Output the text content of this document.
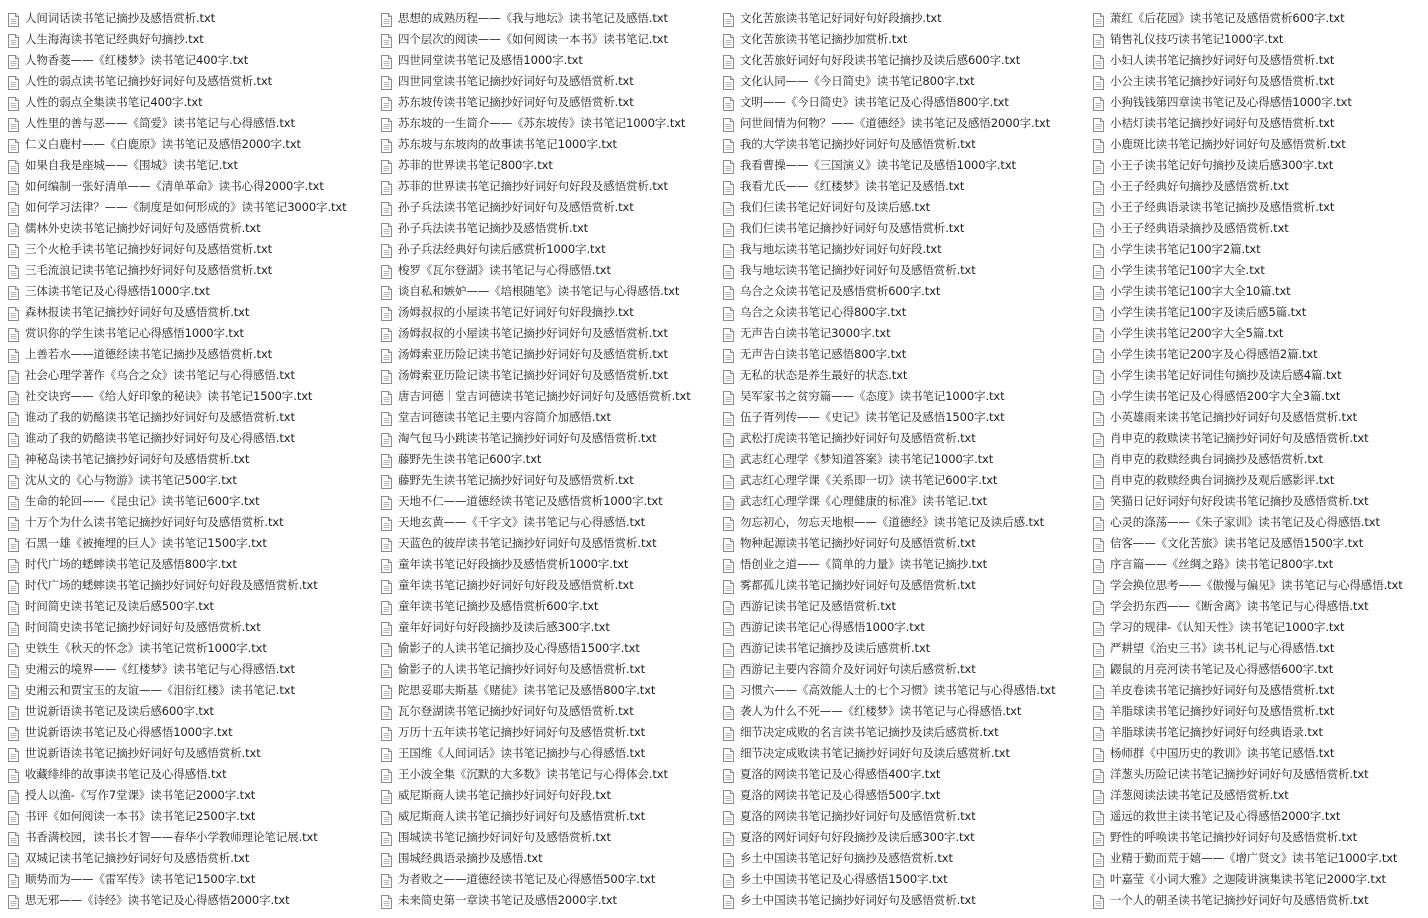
人间词话读书笔记摘抄及感悟赏析.txt
人生海海读书笔记经典好句摘抄.txt
人物香菱——《红楼梦》读书笔记400字.txt
人性的弱点读书笔记摘抄好词好句及感悟赏析.txt
人性的弱点全集读书笔记400字.txt
人性里的善与恶——《简爱》读书笔记与心得感悟.txt
仁义白鹿村——《白鹿原》读书笔记及感悟2000字.txt
如果自我是座城——《围城》读书笔记.txt
如何编制一张好清单——《清单革命》读书心得2000字.txt
如何学习法律？——《制度是如何形成的》读书笔记3000字.txt
儒林外史读书笔记摘抄好词好句及感悟赏析.txt
三个火枪手读书笔记摘抄好词好句及感悟赏析.txt
三毛流浪记读书笔记摘抄好词好句及感悟赏析.txt
三体读书笔记及心得感悟1000字.txt
森林报读书笔记摘抄好词好句及感悟赏析.txt
赏识你的学生读书笔记心得感悟1000字.txt
上善若水——道德经读书笔记摘抄及感悟赏析.txt
社会心理学著作《乌合之众》读书笔记与心得感悟.txt
社交诀窍——《给人好印象的秘诀》读书笔记1500字.txt
谁动了我的奶酪读书笔记摘抄好词好句及感悟赏析.txt
谁动了我的奶酪读书笔记摘抄好词好句及心得感悟.txt
神秘岛读书笔记摘抄好词好句及感悟赏析.txt
沈从文的《心与物游》读书笔记500字.txt
生命的轮回——《昆虫记》读书笔记600字.txt
十万个为什么读书笔记摘抄好词好句及感悟赏析.txt
石黑一雄《被掩埋的巨人》读书笔记1500字.txt
时代广场的蟋蟀读书笔记及感悟800字.txt
时代广场的蟋蟀读书笔记摘抄好词好句好段及感悟赏析.txt
时间简史读书笔记及读后感500字.txt
时间简史读书笔记摘抄好词好句及感悟赏析.txt
史铁生《秋天的怀念》读书笔记赏析1000字.txt
史湘云的境界——《红楼梦》读书笔记与心得感悟.txt
史湘云和贾宝玉的友谊——《泪衍红楼》读书笔记.txt
世说新语读书笔记及读后感600字.txt
世说新语读书笔记及心得感悟1000字.txt
世说新语读书笔记摘抄好词好句及感悟赏析.txt
收藏绯绯的故事读书笔记及心得感悟.txt
授人以渔-《写作7堂课》读书笔记2000字.txt
书评《如何阅读一本书》读书笔记2500字.txt
书香满校园，读书长才智——春华小学教师理论笔记展.txt
双城记读书笔记摘抄好词好句及感悟赏析.txt
顺势而为——《雷军传》读书笔记1500字.txt
思无邪——《诗经》读书笔记及心得感悟2000字.txt
思想的成熟历程——《我与地坛》读书笔记及感悟.txt
四个层次的阅读——《如何阅读一本书》读书笔记.txt
四世同堂读书笔记及感悟1000字.txt
四世同堂读书笔记摘抄好词好句及感悟赏析.txt
苏东坡传读书笔记摘抄好词好句及感悟赏析.txt
苏东坡的一生简介——《苏东坡传》读书笔记1000字.txt
苏东坡与东坡肉的故事读书笔记1000字.txt
苏菲的世界读书笔记800字.txt
苏菲的世界读书笔记摘抄好词好句好段及感悟赏析.txt
孙子兵法读书笔记摘抄好词好句及感悟赏析.txt
孙子兵法读书笔记摘抄及感悟赏析.txt
孙子兵法经典好句读后感赏析1000字.txt
梭罗《瓦尔登湖》读书笔记与心得感悟.txt
谈自私和嫉妒——《培根随笔》读书笔记与心得感悟.txt
汤姆叔叔的小屋读书笔记好词好句好段摘抄.txt
汤姆叔叔的小屋读书笔记摘抄好词好句及感悟赏析.txt
汤姆索亚历险记读书笔记摘抄好词好句及感悟赏析.txt
汤姆索亚历险记读书笔记摘抄好词好句及感悟赏析.txt
唐吉诃德｜堂吉诃德读书笔记摘抄好词好句及感悟赏析.txt
堂吉诃德读书笔记主要内容简介加感悟.txt
淘气包马小跳读书笔记摘抄好词好句及感悟赏析.txt
藤野先生读书笔记600字.txt
藤野先生读书笔记摘抄好词好句及感悟赏析.txt
天地不仁——道德经读书笔记及感悟赏析1000字.txt
天地玄黄——《千字文》读书笔记与心得感悟.txt
天蓝色的彼岸读书笔记摘抄好词好句及感悟赏析.txt
童年读书笔记好段摘抄及感悟赏析1000字.txt
童年读书笔记摘抄好词好句好段及感悟赏析.txt
童年读书笔记摘抄及感悟赏析600字.txt
童年好词好句好段摘抄及读后感300字.txt
偷影子的人读书笔记摘抄及心得感悟1500字.txt
偷影子的人读书笔记摘抄好词好句及感悟赏析.txt
陀思妥耶夫斯基《赌徒》读书笔记及感悟800字.txt
瓦尔登湖读书笔记摘抄好词好句及感悟赏析.txt
万历十五年读书笔记摘抄好词好句及感悟赏析.txt
王国维《人间词话》读书笔记摘抄与心得感悟.txt
王小波全集《沉默的大多数》读书笔记与心得体会.txt
威尼斯商人读书笔记摘抄好词好句好段.txt
威尼斯商人读书笔记摘抄好词好句及感悟赏析.txt
围城读书笔记摘抄好词好句及感悟赏析.txt
围城经典语录摘抄及感悟.txt
为者败之——道德经读书笔记及心得感悟500字.txt
未来简史第一章读书笔记及感悟2000字.txt
文化苦旅读书笔记好词好句好段摘抄.txt
文化苦旅读书笔记摘抄加赏析.txt
文化苦旅好词好句好段读书笔记摘抄及读后感600字.txt
文化认同——《今日简史》读书笔记800字.txt
文明——《今日简史》读书笔记及心得感悟800字.txt
问世间情为何物？——《道德经》读书笔记及感悟2000字.txt
我的大学读书笔记摘抄好词好句及感悟赏析.txt
我看曹操——《三国演义》读书笔记及感悟1000字.txt
我看尤氏——《红楼梦》读书笔记及感悟.txt
我们仨读书笔记好词好句及读后感.txt
我们仨读书笔记摘抄好词好句及感悟赏析.txt
我与地坛读书笔记摘抄好词好句好段.txt
我与地坛读书笔记摘抄好词好句及感悟赏析.txt
乌合之众读书笔记及感悟赏析600字.txt
乌合之众读书笔记心得800字.txt
无声告白读书笔记3000字.txt
无声告白读书笔记感悟800字.txt
无私的状态是养生最好的状态.txt
吴军家书之贫穷篇——《态度》读书笔记1000字.txt
伍子胥列传——《史记》读书笔记及感悟1500字.txt
武松打虎读书笔记摘抄好词好句及感悟赏析.txt
武志红心理学《梦知道答案》读书笔记1000字.txt
武志红心理学课《关系即一切》读书笔记600字.txt
武志红心理学课《心理健康的标准》读书笔记.txt
勿忘初心，勿忘天地根——《道德经》读书笔记及读后感.txt
物种起源读书笔记摘抄好词好句及感悟赏析.txt
悟创业之道——《简单的力量》读书笔记摘抄.txt
雾都孤儿读书笔记摘抄好词好句及感悟赏析.txt
西游记读书笔记及感悟赏析.txt
西游记读书笔记心得感悟1000字.txt
西游记读书笔记摘抄及读后感赏析.txt
西游记主要内容简介及好词好句读后感赏析.txt
习惯六——《高效能人士的七个习惯》读书笔记与心得感悟.txt
袭人为什么不死——《红楼梦》读书笔记与心得感悟.txt
细节决定成败的名言读书笔记摘抄及读后感赏析.txt
细节决定成败读书笔记摘抄好词好句及读后感赏析.txt
夏洛的网读书笔记及心得感悟400字.txt
夏洛的网读书笔记及心得感悟500字.txt
夏洛的网读书笔记摘抄好词好句及感悟赏析.txt
夏洛的网好词好句好段摘抄及读后感300字.txt
乡土中国读书笔记好句摘抄及感悟赏析.txt
乡土中国读书笔记及心得感悟1500字.txt
乡土中国读书笔记摘抄好词好句及感悟赏析.txt
萧红《后花园》读书笔记及感悟赏析600字.txt
销售礼仪技巧读书笔记1000字.txt
小妇人读书笔记摘抄好词好句及感悟赏析.txt
小公主读书笔记摘抄好词好句及感悟赏析.txt
小狗钱钱第四章读书笔记及心得感悟1000字.txt
小桔灯读书笔记摘抄好词好句及感悟赏析.txt
小鹿斑比读书笔记摘抄好词好句及感悟赏析.txt
小王子读书笔记好句摘抄及读后感300字.txt
小王子经典好句摘抄及感悟赏析.txt
小王子经典语录读书笔记摘抄及感悟赏析.txt
小王子经典语录摘抄及感悟赏析.txt
小学生读书笔记100字2篇.txt
小学生读书笔记100字大全.txt
小学生读书笔记100字大全10篇.txt
小学生读书笔记100字及读后感5篇.txt
小学生读书笔记200字大全5篇.txt
小学生读书笔记200字及心得感悟2篇.txt
小学生读书笔记好词佳句摘抄及读后感4篇.txt
小学生读书笔记及心得感悟200字大全3篇.txt
小英雄雨来读书笔记摘抄好词好句及感悟赏析.txt
肖申克的救赎读书笔记摘抄好词好句及感悟赏析.txt
肖申克的救赎经典台词摘抄及感悟赏析.txt
肖申克的救赎经典台词摘抄及观后感影评.txt
笑猫日记好词好句好段读书笔记摘抄及感悟赏析.txt
心灵的涤荡——《朱子家训》读书笔记及心得感悟.txt
信客——《文化苦旅》读书笔记及感悟1500字.txt
序言篇——《丝绸之路》读书笔记800字.txt
学会换位思考——《傲慢与偏见》读书笔记与心得感悟.txt
学会扔东西——《断舍离》读书笔记与心得感悟.txt
学习的规律-《认知天性》读书笔记1000字.txt
严耕望《治史三书》读书札记与心得感悟.txt
鼹鼠的月亮河读书笔记及心得感悟600字.txt
羊皮卷读书笔记摘抄好词好句及感悟赏析.txt
羊脂球读书笔记摘抄好词好句及感悟赏析.txt
羊脂球读书笔记摘抄好词好句经典语录.txt
杨师群《中国历史的教训》读书笔记感悟.txt
洋葱头历险记读书笔记摘抄好词好句及感悟赏析.txt
洋葱阅读法读书笔记及感悟赏析.txt
遥远的救世主读书笔记及心得感悟2000字.txt
野性的呼唤读书笔记摘抄好词好句及感悟赏析.txt
业精于勤而荒于嬉——《增广贤文》读书笔记1000字.txt
叶嘉莹《小词大雅》之迦陵讲演集读书笔记2000字.txt
一个人的朝圣读书笔记摘抄好词好句及感悟赏析.txt
